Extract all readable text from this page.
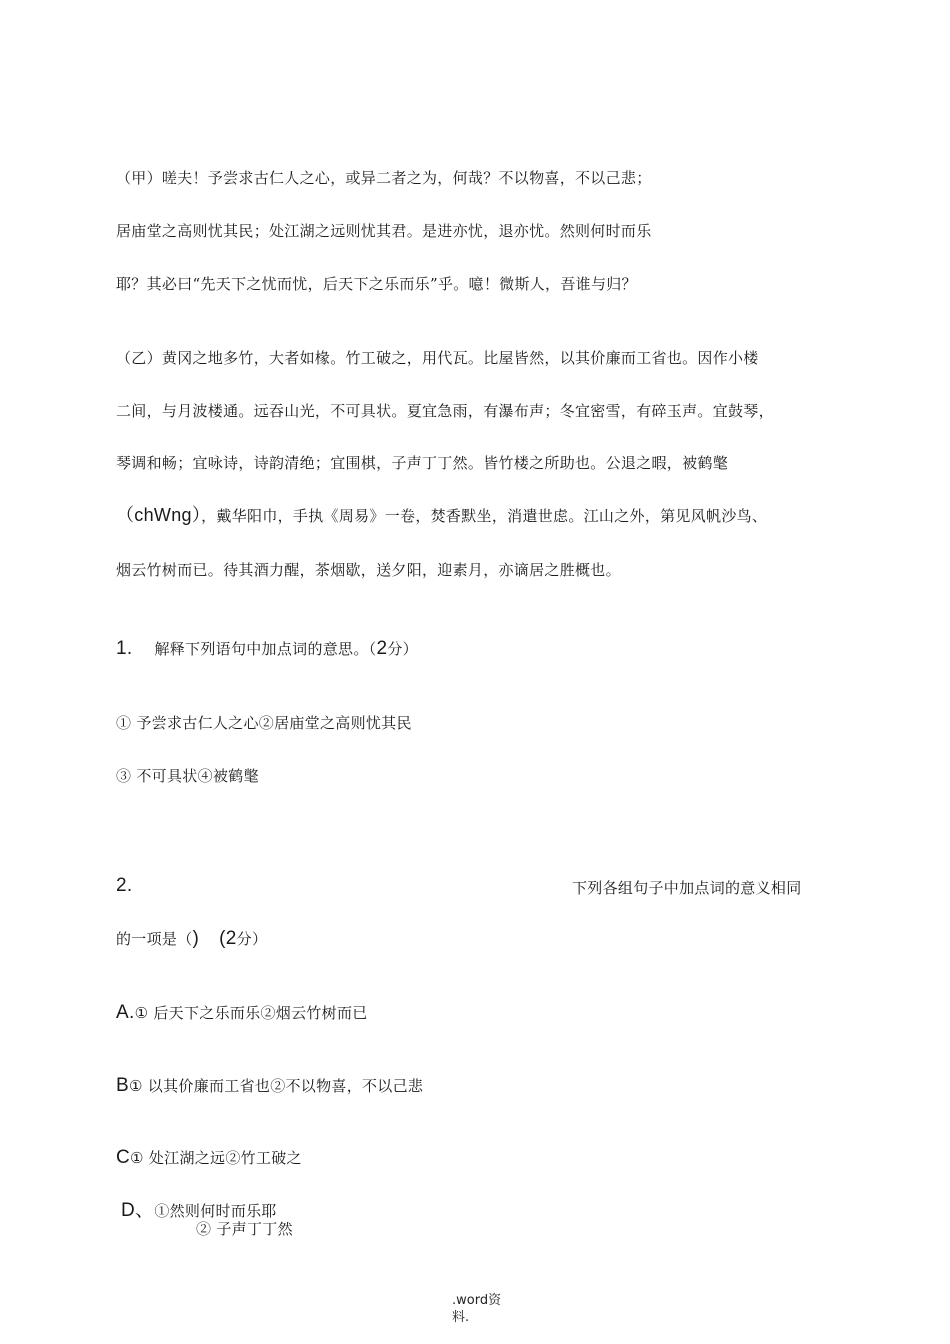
（甲）嗟夫！予尝求古仁人之心，或异二者之为，何哉？不以物喜，不以己悲；
居庙堂之高则忧其民；处江湖之远则忧其君。是进亦忧，退亦忧。然则何时而乐
耶？其必曰“先天下之忧而忧，后天下之乐而乐”乎。噫！微斯人，吾谁与归？
（乙）黄冈之地多竹，大者如椽。竹工破之，用代瓦。比屋皆然，以其价廉而工省也。因作小楼
二间，与月波楼通。远吞山光，不可具状。夏宜急雨，有瀑布声；冬宜密雪，有碎玉声。宜鼓琴，
琴调和畅；宜咏诗，诗韵清绝；宜围棋，子声丁丁然。皆竹楼之所助也。公退之暇，被鹤氅
（chWng），戴华阳巾，手执《周易》一卷，焚香默坐，消遣世虑。江山之外，第见风帆沙鸟、
烟云竹树而已。待其酒力醒，茶烟歇，送夕阳，迎素月，亦谪居之胜概也。
1. 解释下列语句中加点词的意思。（2分）
① 予尝求古仁人之心②居庙堂之高则忧其民
③ 不可具状④被鹤氅
2.	下列各组句子中加点词的意义相同
的一项是（) (2分）
A.① 后天下之乐而乐②烟云竹树而已
B① 以其价廉而工省也②不以物喜，不以己悲
C① 处江湖之远②竹工破之
D、①然则何时而乐耶
② 子声丁丁然
.word资
料.
